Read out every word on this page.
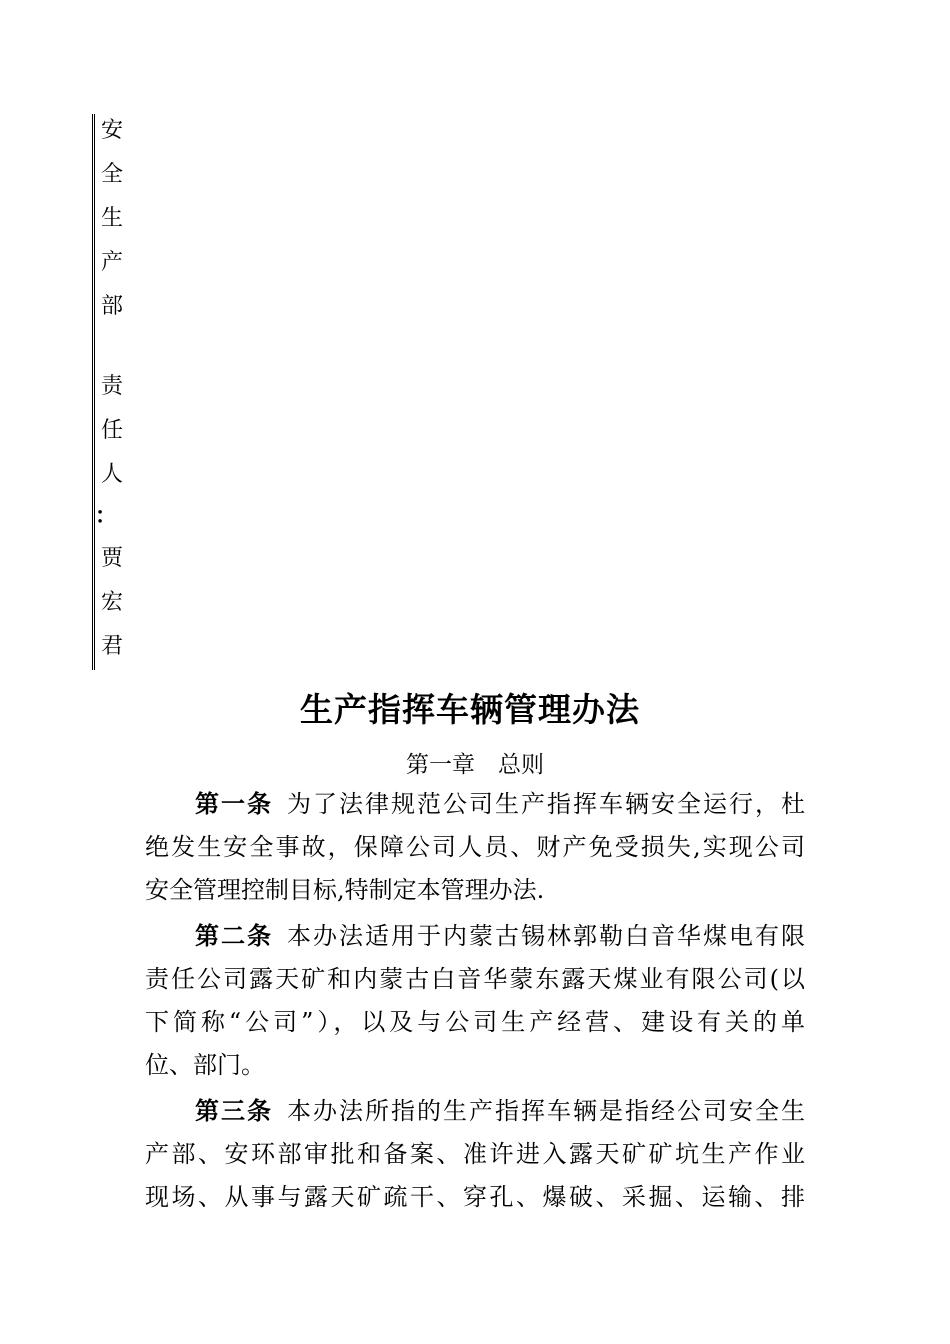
安
全
生
产
部
责
任
人
：
贾
宏
君
生产指挥车辆管理办法
第一章　总则
第一条 为了法律规范公司生产指挥车辆安全运行，杜
绝发生安全事故，保障公司人员、财产免受损失,实现公司
安全管理控制目标,特制定本管理办法.
第二条 本办法适用于内蒙古锡林郭勒白音华煤电有限
责任公司露天矿和内蒙古白音华蒙东露天煤业有限公司(以
下简称“公司”），以及与公司生产经营、建设有关的单
位、部门。
第三条 本办法所指的生产指挥车辆是指经公司安全生
产部、安环部审批和备案、准许进入露天矿矿坑生产作业
现场、从事与露天矿疏干、穿孔、爆破、采掘、运输、排
